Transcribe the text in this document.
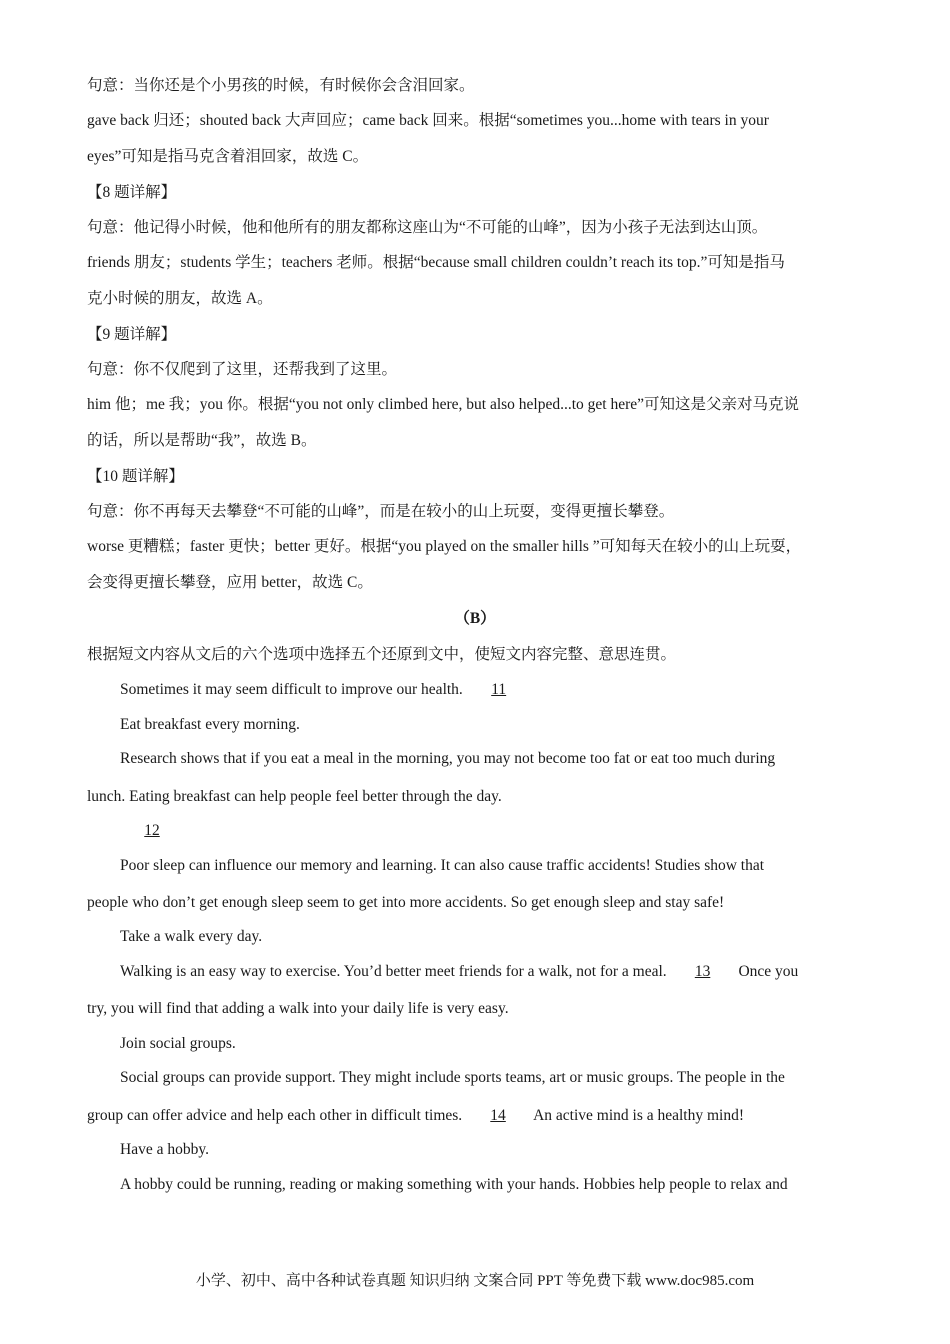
句意：当你还是个小男孩的时候，有时候你会含泪回家。
gave back 归还；shouted back 大声回应；came back 回来。根据“sometimes you...home with tears in your
eyes”可知是指马克含着泪回家，故选 C。
【8 题详解】
句意：他记得小时候，他和他所有的朋友都称这座山为“不可能的山峰”，因为小孩子无法到达山顶。
friends 朋友；students 学生；teachers 老师。根据“because small children couldn’t reach its top.”可知是指马
克小时候的朋友，故选 A。
【9 题详解】
句意：你不仅爬到了这里，还帮我到了这里。
him 他；me 我；you 你。根据“you not only climbed here, but also helped...to get here”可知这是父亲对马克说
的话，所以是帮助“我”，故选 B。
【10 题详解】
句意：你不再每天去攀登“不可能的山峰”，而是在较小的山上玩耍，变得更擅长攀登。
worse 更糟糕；faster 更快；better 更好。根据“you played on the smaller hills ”可知每天在较小的山上玩耍，
会变得更擅长攀登，应用 better，故选 C。
（B）
根据短文内容从文后的六个选项中选择五个还原到文中，使短文内容完整、意思连贯。
Sometimes it may seem difficult to improve our health. 11
Eat breakfast every morning.
Research shows that if you eat a meal in the morning, you may not become too fat or eat too much during
lunch. Eating breakfast can help people feel better through the day.
12
Poor sleep can influence our memory and learning. It can also cause traffic accidents! Studies show that
people who don’t get enough sleep seem to get into more accidents. So get enough sleep and stay safe!
Take a walk every day.
Walking is an easy way to exercise. You’d better meet friends for a walk, not for a meal. 13 Once you
try, you will find that adding a walk into your daily life is very easy.
Join social groups.
Social groups can provide support. They might include sports teams, art or music groups. The people in the
group can offer advice and help each other in difficult times. 14 An active mind is a healthy mind!
Have a hobby.
A hobby could be running, reading or making something with your hands. Hobbies help people to relax and
小学、初中、高中各种试卷真题 知识归纳 文案合同 PPT 等免费下载 www.doc985.com
